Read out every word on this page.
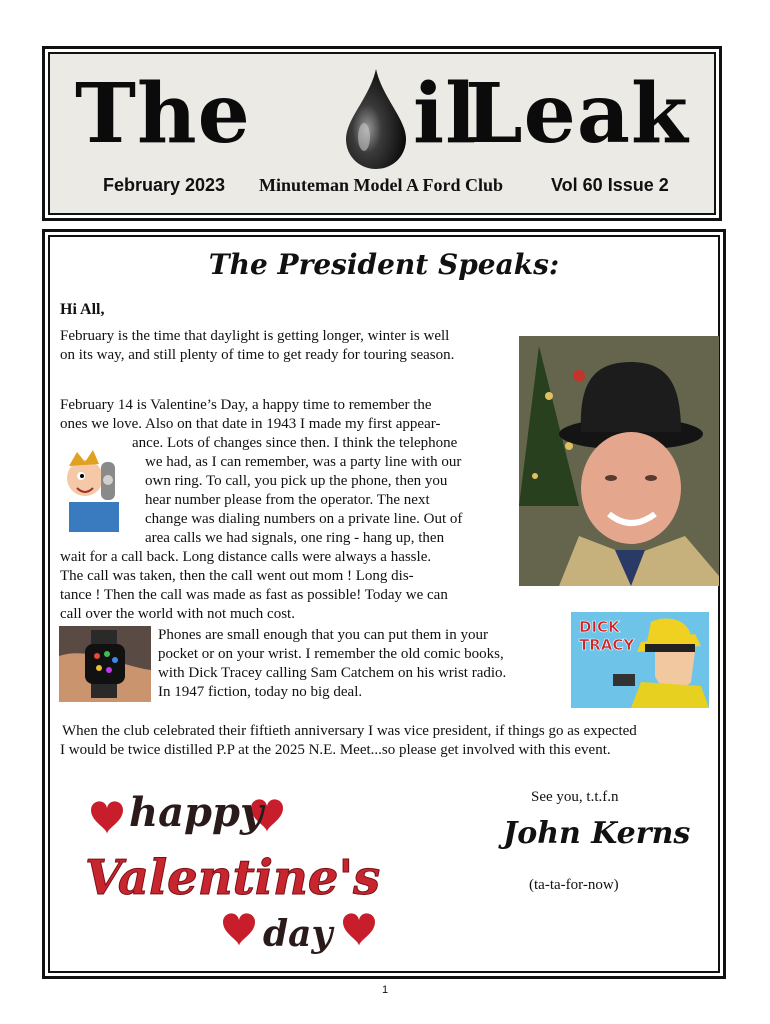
The il
Leak
February 2023 Minuteman Model A Ford Club	Vol 60 Issue 2
The President Speaks:
Hi All,
February is the time that daylight is getting longer, winter is well
on its way, and still plenty of time to get ready for touring season.
February 14 is Valentine’s Day, a happy time to remember the
ones we love. Also on that date in 1943 I made my first appear-
ance. Lots of changes since then. I think the telephone
we had, as I can remember, was a party line with our
own ring. To call, you pick up the phone, then you
hear number please from the operator. The next
change was dialing numbers on a private line. Out of
area calls we had signals, one ring - hang up, then
wait for a call back. Long distance calls were always a hassle.
The call was taken, then the call went out mom ! Long dis-
tance ! Then the call was made as fast as possible! Today we can
call over the world with not much cost.
Phones are small enough that you can put them in your
pocket or on your wrist. I remember the old comic books,
with Dick Tracey calling Sam Catchem on his wrist radio.
In 1947 fiction, today no big deal.
When the club celebrated their fiftieth anniversary I was vice president, if things go as expected
I would be twice distilled P.P at the 2025 N.E. Meet...so please get involved with this event.
DICK
TRACY
happy
Valentine's
day
See you, t.t.f.n
John Kerns
(ta-ta-for-now)
1
